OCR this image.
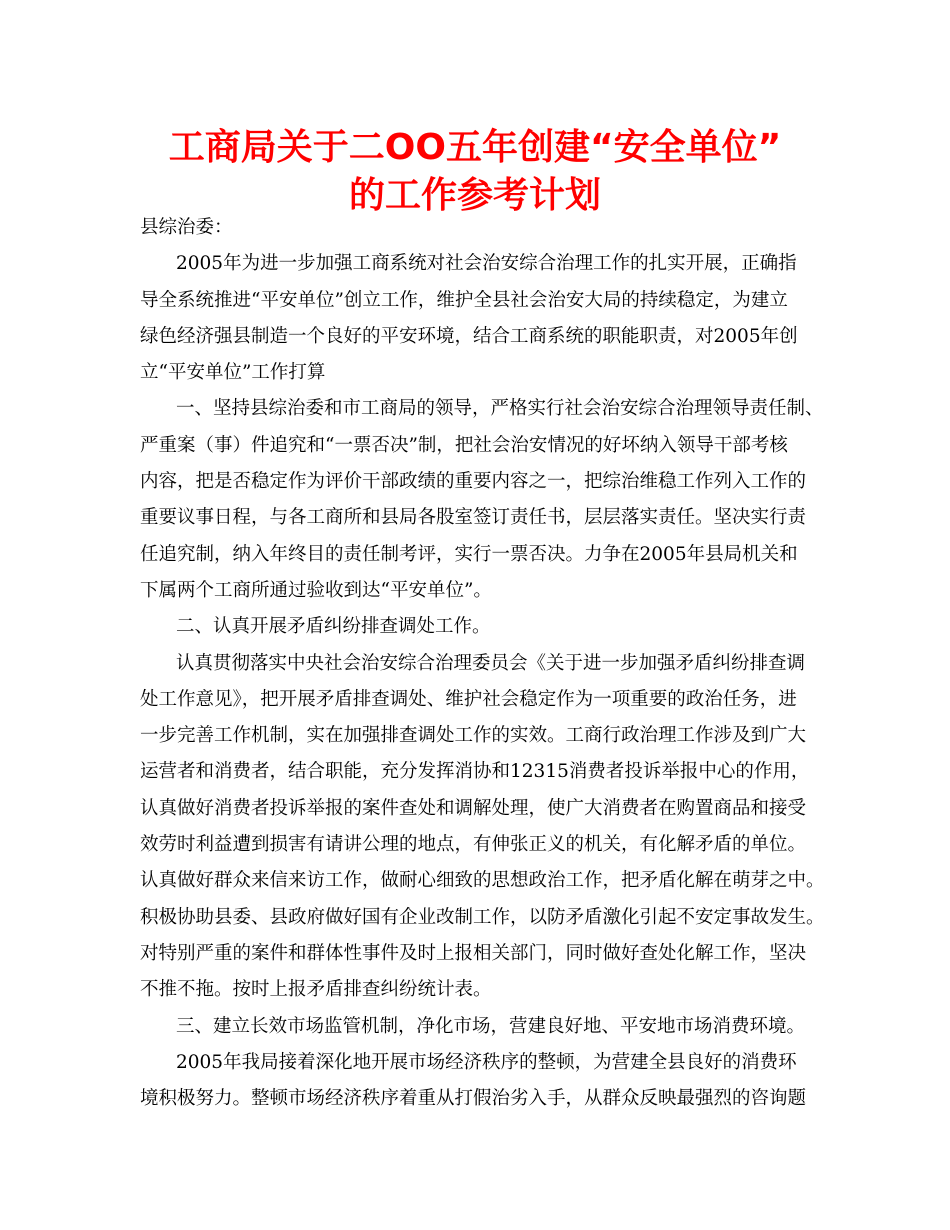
工商局关于二OO五年创建“安全单位”
的工作参考计划
县综治委：
2005年为进一步加强工商系统对社会治安综合治理工作的扎实开展，正确指
导全系统推进“平安单位”创立工作，维护全县社会治安大局的持续稳定，为建立
绿色经济强县制造一个良好的平安环境，结合工商系统的职能职责，对2005年创
立“平安单位”工作打算
一、坚持县综治委和市工商局的领导，严格实行社会治安综合治理领导责任制、
严重案（事）件追究和“一票否决”制，把社会治安情况的好坏纳入领导干部考核
内容，把是否稳定作为评价干部政绩的重要内容之一，把综治维稳工作列入工作的
重要议事日程，与各工商所和县局各股室签订责任书，层层落实责任。坚决实行责
任追究制，纳入年终目的责任制考评，实行一票否决。力争在2005年县局机关和
下属两个工商所通过验收到达“平安单位”。
二、认真开展矛盾纠纷排查调处工作。
认真贯彻落实中央社会治安综合治理委员会《关于进一步加强矛盾纠纷排查调
处工作意见》，把开展矛盾排查调处、维护社会稳定作为一项重要的政治任务，进
一步完善工作机制，实在加强排查调处工作的实效。工商行政治理工作涉及到广大
运营者和消费者，结合职能，充分发挥消协和12315消费者投诉举报中心的作用，
认真做好消费者投诉举报的案件查处和调解处理，使广大消费者在购置商品和接受
效劳时利益遭到损害有请讲公理的地点，有伸张正义的机关，有化解矛盾的单位。
认真做好群众来信来访工作，做耐心细致的思想政治工作，把矛盾化解在萌芽之中。
积极协助县委、县政府做好国有企业改制工作，以防矛盾激化引起不安定事故发生。
对特别严重的案件和群体性事件及时上报相关部门，同时做好查处化解工作，坚决
不推不拖。按时上报矛盾排查纠纷统计表。
三、建立长效市场监管机制，净化市场，营建良好地、平安地市场消费环境。
2005年我局接着深化地开展市场经济秩序的整顿，为营建全县良好的消费环
境积极努力。整顿市场经济秩序着重从打假治劣入手，从群众反映最强烈的咨询题
